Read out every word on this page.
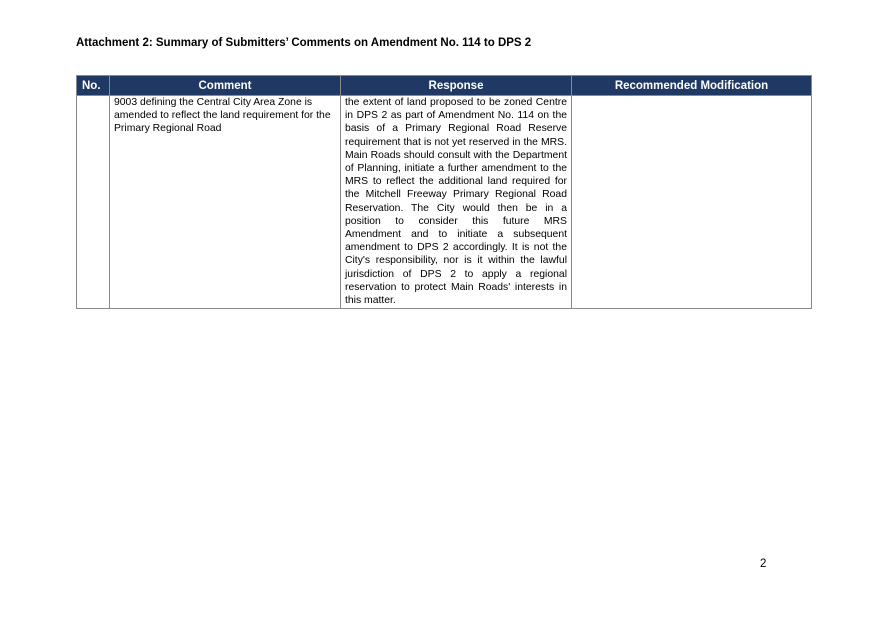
Attachment 2: Summary of Submitters’ Comments on Amendment No. 114 to DPS 2
No.	Comment	Response	Recommended Modification
	9003 defining the Central City Area Zone is amended to reflect the land requirement for the Primary Regional Road	the extent of land proposed to be zoned Centre in DPS 2 as part of Amendment No. 114 on the basis of a Primary Regional Road Reserve requirement that is not yet reserved in the MRS. Main Roads should consult with the Department of Planning, initiate a further amendment to the MRS to reflect the additional land required for the Mitchell Freeway Primary Regional Road Reservation. The City would then be in a position to consider this future MRS Amendment and to initiate a subsequent amendment to DPS 2 accordingly. It is not the City's responsibility, nor is it within the lawful jurisdiction of DPS 2 to apply a regional reservation to protect Main Roads' interests in this matter.	
2
